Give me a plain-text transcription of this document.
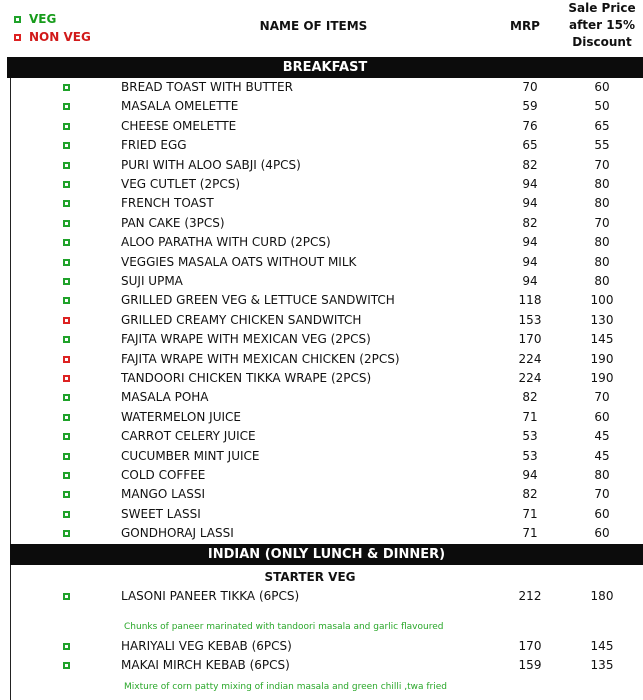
VEG
NON VEG
NAME OF ITEMS	MRP
Sale Price
after 15%
Discount
BREAKFAST
BREAD TOAST WITH BUTTER	70	60
MASALA OMELETTE	59	50
CHEESE OMELETTE	76	65
FRIED EGG	65	55
PURI WITH ALOO SABJI (4PCS)	82	70
VEG CUTLET (2PCS)	94	80
FRENCH TOAST	94	80
PAN CAKE (3PCS)	82	70
ALOO PARATHA WITH CURD (2PCS)	94	80
VEGGIES MASALA OATS WITHOUT MILK	94	80
SUJI UPMA	94	80
GRILLED GREEN VEG & LETTUCE SANDWITCH	118	100
GRILLED CREAMY CHICKEN SANDWITCH	153	130
FAJITA WRAPE WITH MEXICAN VEG (2PCS)	170	145
FAJITA WRAPE WITH MEXICAN CHICKEN (2PCS)	224	190
TANDOORI CHICKEN TIKKA WRAPE (2PCS)	224	190
MASALA POHA	82	70
WATERMELON JUICE	71	60
CARROT CELERY JUICE	53	45
CUCUMBER MINT JUICE	53	45
COLD COFFEE	94	80
MANGO LASSI	82	70
SWEET LASSI	71	60
GONDHORAJ LASSI	71	60
INDIAN (ONLY LUNCH & DINNER)
STARTER VEG
LASONI PANEER TIKKA (6PCS)	212	180
Chunks of paneer marinated with tandoori masala and garlic flavoured
HARIYALI VEG KEBAB (6PCS)	170	145
MAKAI MIRCH KEBAB (6PCS)	159	135
Mixture of corn patty mixing of indian masala and green chilli ,twa fried
